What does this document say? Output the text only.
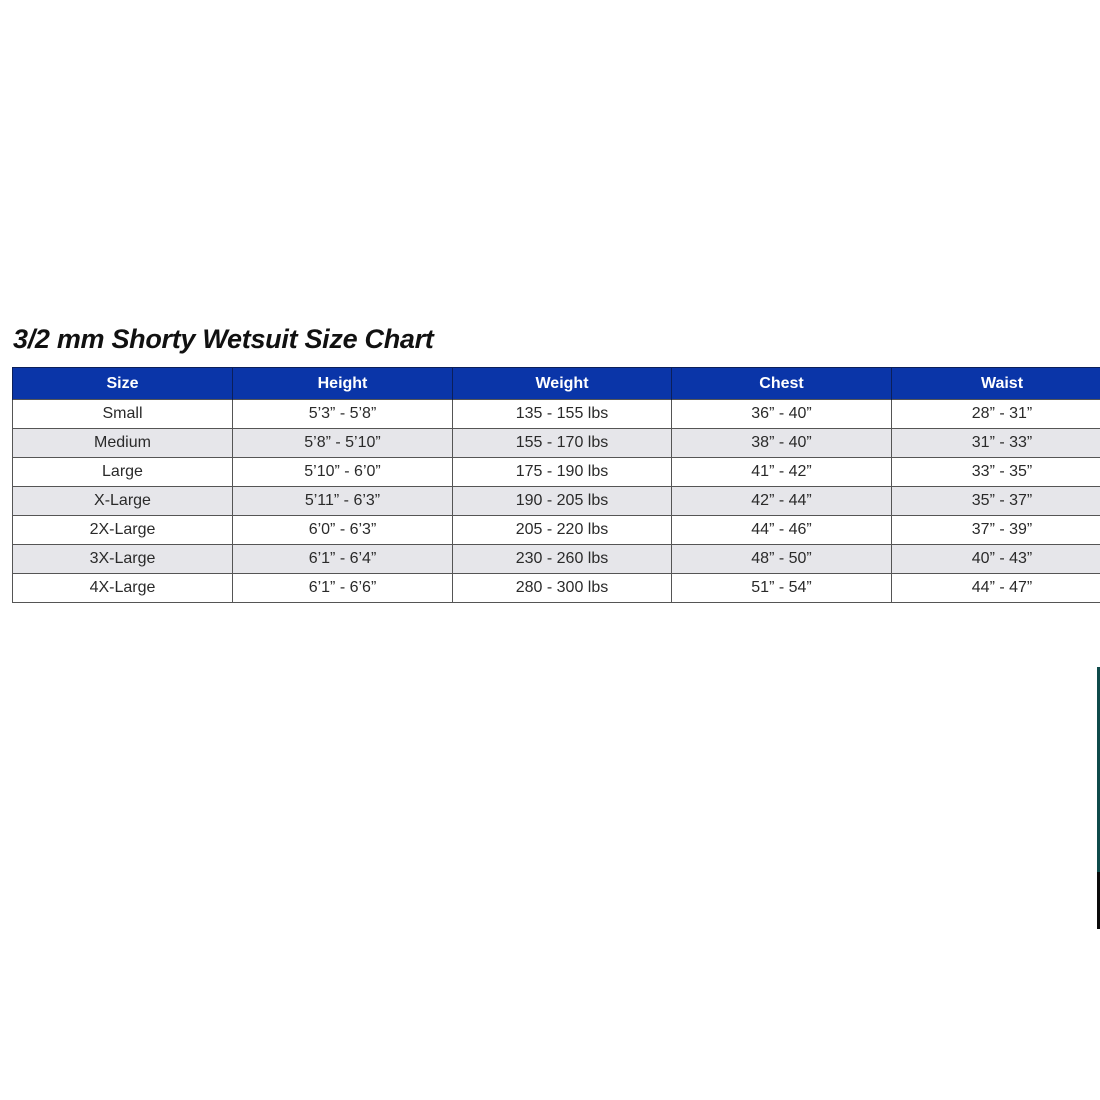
3/2 mm Shorty Wetsuit Size Chart
Size	Height	Weight	Chest	Waist
Small	5’3” - 5’8”	135 - 155 lbs	36” - 40”	28” - 31”
Medium	5’8” - 5’10”	155 - 170 lbs	38” - 40”	31” - 33”
Large	5’10” - 6’0”	175 - 190 lbs	41” - 42”	33” - 35”
X-Large	5’11” - 6’3”	190 - 205 lbs	42” - 44”	35” - 37”
2X-Large	6’0” - 6’3”	205 - 220 lbs	44” - 46”	37” - 39”
3X-Large	6’1” - 6’4”	230 - 260 lbs	48” - 50”	40” - 43”
4X-Large	6’1” - 6’6”	280 - 300 lbs	51” - 54”	44” - 47”
